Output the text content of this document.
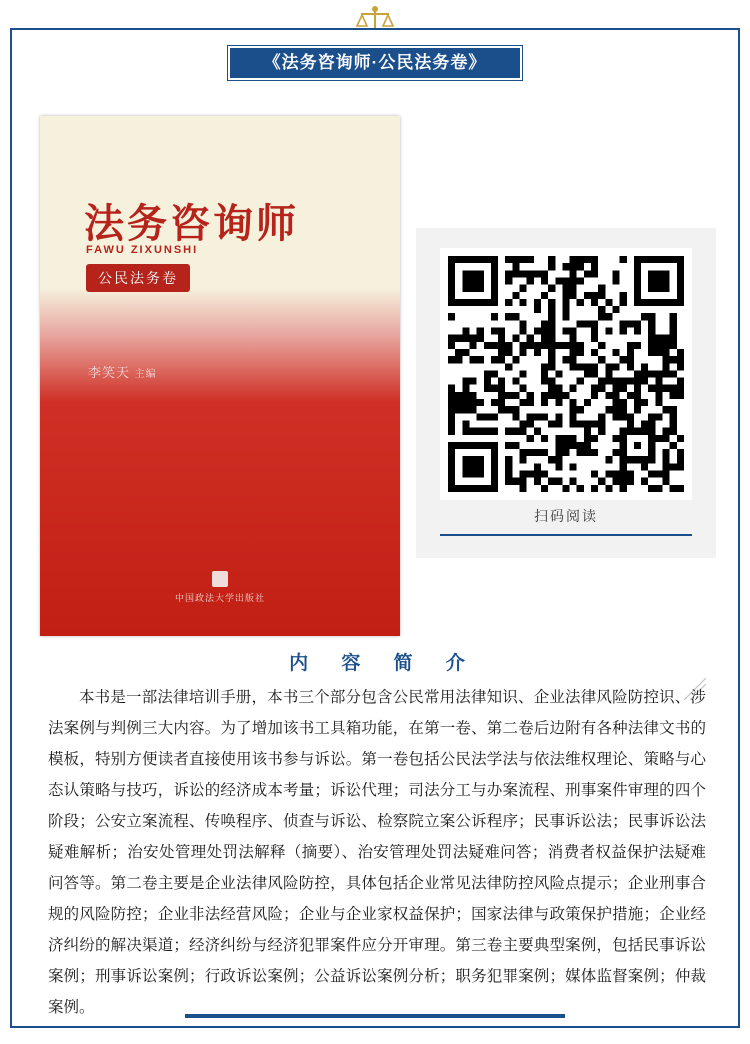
《法务咨询师·公民法务卷》
法务咨询师
FAWU ZIXUNSHI
公民法务卷
李笑天 主编
中国政法大学出版社
扫码阅读
内 容 简 介
本书是一部法律培训手册，本书三个部分包含公民常用法律知识、企业法律风险防控识、涉法案例与判例三大内容。为了增加该书工具箱功能，在第一卷、第二卷后边附有各种法律文书的模板，特别方便读者直接使用该书参与诉讼。第一卷包括公民法学法与依法维权理论、策略与心态认策略与技巧，诉讼的经济成本考量；诉讼代理；司法分工与办案流程、刑事案件审理的四个阶段；公安立案流程、传唤程序、侦查与诉讼、检察院立案公诉程序；民事诉讼法；民事诉讼法疑难解析；治安处管理处罚法解释（摘要）、治安管理处罚法疑难问答；消费者权益保护法疑难问答等。第二卷主要是企业法律风险防控，具体包括企业常见法律防控风险点提示；企业刑事合规的风险防控；企业非法经营风险；企业与企业家权益保护；国家法律与政策保护措施；企业经济纠纷的解决渠道；经济纠纷与经济犯罪案件应分开审理。第三卷主要典型案例，包括民事诉讼案例；刑事诉讼案例；行政诉讼案例；公益诉讼案例分析；职务犯罪案例；媒体监督案例；仲裁案例。
